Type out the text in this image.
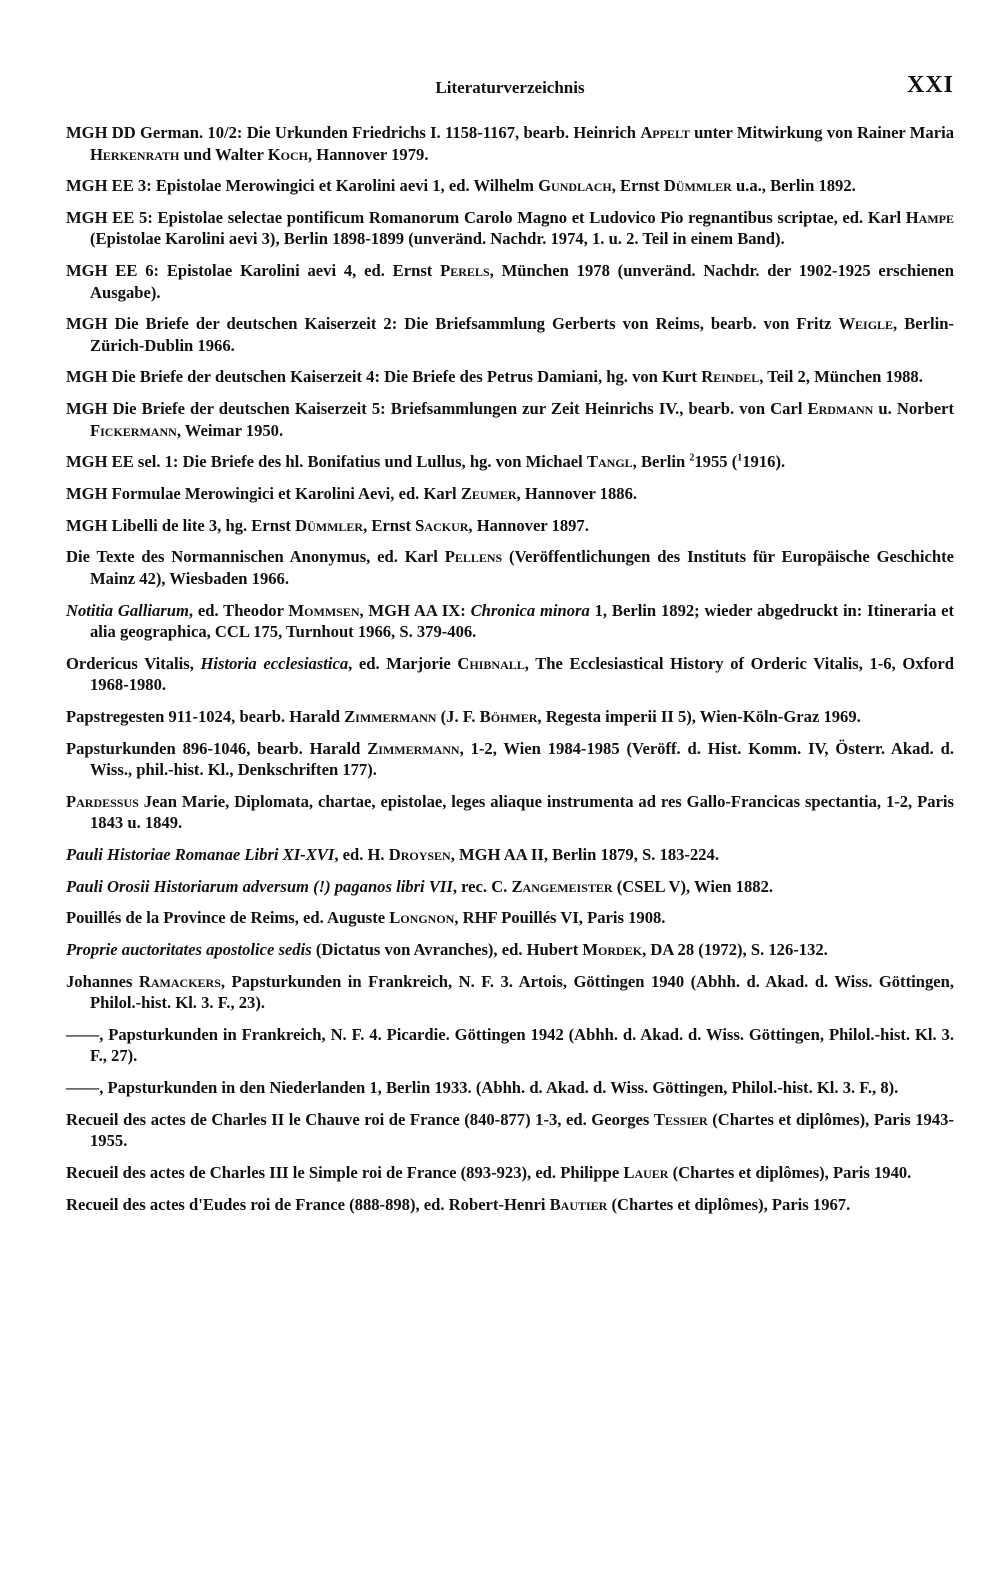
Literaturverzeichnis	XXI

MGH DD German. 10/2: Die Urkunden Friedrichs I. 1158-1167, bearb. Heinrich Appelt unter Mitwirkung von Rainer Maria Herkenrath und Walter Koch, Hannover 1979.

MGH EE 3: Epistolae Merowingici et Karolini aevi 1, ed. Wilhelm Gundlach, Ernst Dümmler u.a., Berlin 1892.

MGH EE 5: Epistolae selectae pontificum Romanorum Carolo Magno et Ludovico Pio regnantibus scriptae, ed. Karl Hampe (Epistolae Karolini aevi 3), Berlin 1898-1899 (unveränd. Nachdr. 1974, 1. u. 2. Teil in einem Band).

MGH EE 6: Epistolae Karolini aevi 4, ed. Ernst Perels, München 1978 (unveränd. Nachdr. der 1902-1925 erschienen Ausgabe).

MGH Die Briefe der deutschen Kaiserzeit 2: Die Briefsammlung Gerberts von Reims, bearb. von Fritz Weigle, Berlin-Zürich-Dublin 1966.

MGH Die Briefe der deutschen Kaiserzeit 4: Die Briefe des Petrus Damiani, hg. von Kurt Reindel, Teil 2, München 1988.

MGH Die Briefe der deutschen Kaiserzeit 5: Briefsammlungen zur Zeit Heinrichs IV., bearb. von Carl Erdmann u. Norbert Fickermann, Weimar 1950.

MGH EE sel. 1: Die Briefe des hl. Bonifatius und Lullus, hg. von Michael Tangl, Berlin $^2$1955 ($^1$1916).

MGH Formulae Merowingici et Karolini Aevi, ed. Karl Zeumer, Hannover 1886.

MGH Libelli de lite 3, hg. Ernst Dümmler, Ernst Sackur, Hannover 1897.

Die Texte des Normannischen Anonymus, ed. Karl Pellens (Veröffentlichungen des Instituts für Europäische Geschichte Mainz 42), Wiesbaden 1966.

Notitia Galliarum, ed. Theodor Mommsen, MGH AA IX: Chronica minora 1, Berlin 1892; wieder abgedruckt in: Itineraria et alia geographica, CCL 175, Turnhout 1966, S. 379-406.

Ordericus Vitalis, Historia ecclesiastica, ed. Marjorie Chibnall, The Ecclesiastical History of Orderic Vitalis, 1-6, Oxford 1968-1980.

Papstregesten 911-1024, bearb. Harald Zimmermann (J. F. Böhmer, Regesta imperii II 5), Wien-Köln-Graz 1969.

Papsturkunden 896-1046, bearb. Harald Zimmermann, 1-2, Wien 1984-1985 (Veröff. d. Hist. Komm. IV, Österr. Akad. d. Wiss., phil.-hist. Kl., Denkschriften 177).

Pardessus Jean Marie, Diplomata, chartae, epistolae, leges aliaque instrumenta ad res Gallo-Francicas spectantia, 1-2, Paris 1843 u. 1849.

Pauli Historiae Romanae Libri XI-XVI, ed. H. Droysen, MGH AA II, Berlin 1879, S. 183-224.

Pauli Orosii Historiarum adversum (!) paganos libri VII, rec. C. Zangemeister (CSEL V), Wien 1882.

Pouillés de la Province de Reims, ed. Auguste Longnon, RHF Pouillés VI, Paris 1908.

Proprie auctoritates apostolice sedis (Dictatus von Avranches), ed. Hubert Mordek, DA 28 (1972), S. 126-132.

Johannes Ramackers, Papsturkunden in Frankreich, N. F. 3. Artois, Göttingen 1940 (Abhh. d. Akad. d. Wiss. Göttingen, Philol.-hist. Kl. 3. F., 23).

——, Papsturkunden in Frankreich, N. F. 4. Picardie. Göttingen 1942 (Abhh. d. Akad. d. Wiss. Göttingen, Philol.-hist. Kl. 3. F., 27).

——, Papsturkunden in den Niederlanden 1, Berlin 1933. (Abhh. d. Akad. d. Wiss. Göttingen, Philol.-hist. Kl. 3. F., 8).

Recueil des actes de Charles II le Chauve roi de France (840-877) 1-3, ed. Georges Tessier (Chartes et diplômes), Paris 1943-1955.

Recueil des actes de Charles III le Simple roi de France (893-923), ed. Philippe Lauer (Chartes et diplômes), Paris 1940.

Recueil des actes d'Eudes roi de France (888-898), ed. Robert-Henri Bautier (Chartes et diplômes), Paris 1967.
